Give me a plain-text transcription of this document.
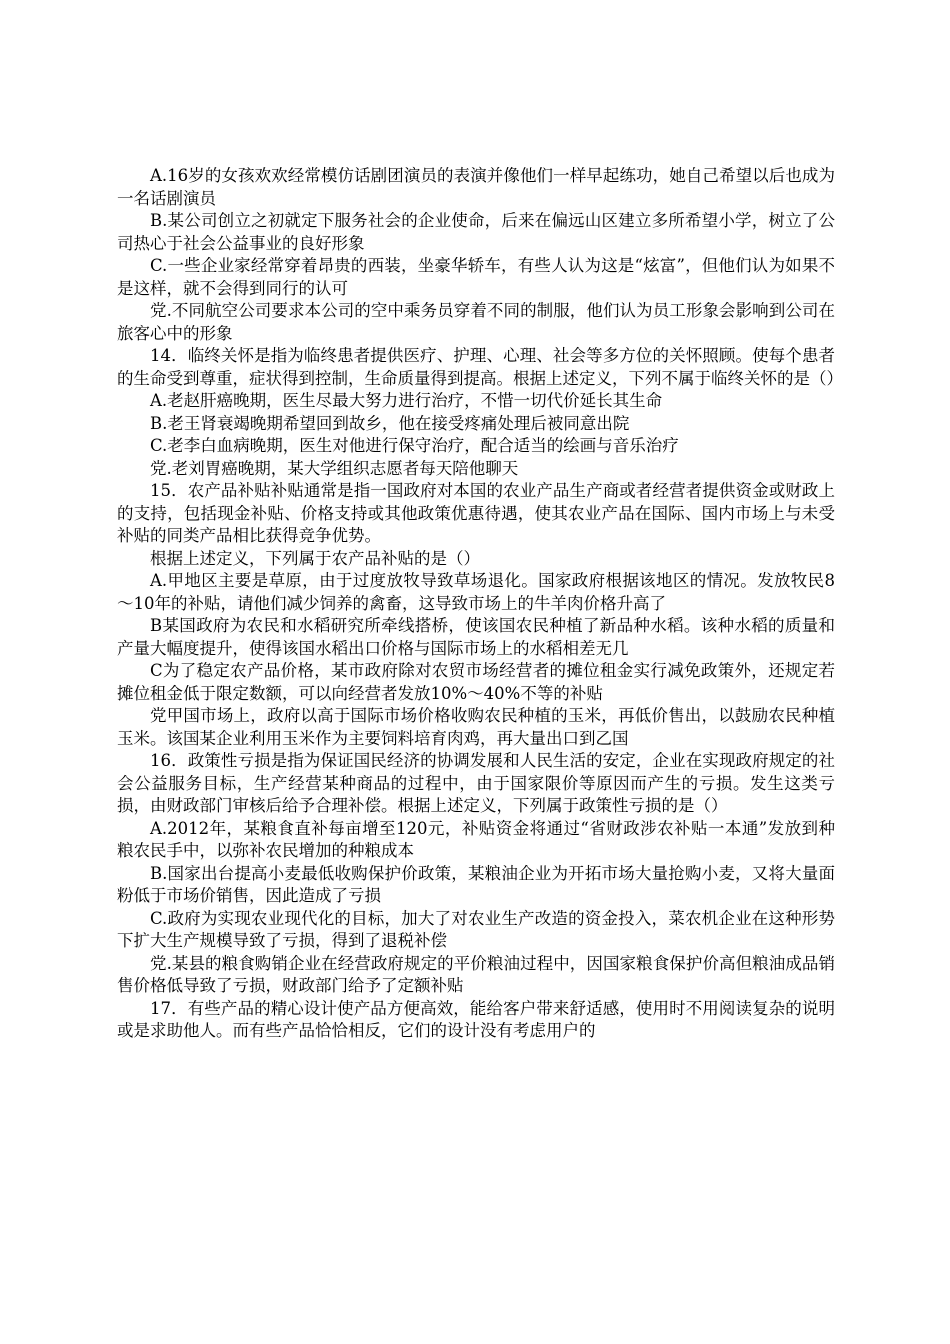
A.16岁的女孩欢欢经常模仿话剧团演员的表演并像他们一样早起练功，她自己希望以后也成为一名话剧演员

B.某公司创立之初就定下服务社会的企业使命，后来在偏远山区建立多所希望小学，树立了公司热心于社会公益事业的良好形象

C.一些企业家经常穿着昂贵的西装，坐豪华轿车，有些人认为这是“炫富”，但他们认为如果不是这样，就不会得到同行的认可

党.不同航空公司要求本公司的空中乘务员穿着不同的制服，他们认为员工形象会影响到公司在旅客心中的形象

14．临终关怀是指为临终患者提供医疗、护理、心理、社会等多方位的关怀照顾。使每个患者的生命受到尊重，症状得到控制，生命质量得到提高。根据上述定义，下列不属于临终关怀的是（）

A.老赵肝癌晚期，医生尽最大努力进行治疗，不惜一切代价延长其生命

B.老王肾衰竭晚期希望回到故乡，他在接受疼痛处理后被同意出院

C.老李白血病晚期，医生对他进行保守治疗，配合适当的绘画与音乐治疗

党.老刘胃癌晚期，某大学组织志愿者每天陪他聊天

15．农产品补贴补贴通常是指一国政府对本国的农业产品生产商或者经营者提供资金或财政上的支持，包括现金补贴、价格支持或其他政策优惠待遇，使其农业产品在国际、国内市场上与未受补贴的同类产品相比获得竞争优势。

根据上述定义，下列属于农产品补贴的是（）

A.甲地区主要是草原，由于过度放牧导致草场退化。国家政府根据该地区的情况。发放牧民8～10年的补贴，请他们减少饲养的禽畜，这导致市场上的牛羊肉价格升高了

B某国政府为农民和水稻研究所牵线搭桥，使该国农民种植了新品种水稻。该种水稻的质量和产量大幅度提升，使得该国水稻出口价格与国际市场上的水稻相差无几

C为了稳定农产品价格，某市政府除对农贸市场经营者的摊位租金实行减免政策外，还规定若摊位租金低于限定数额，可以向经营者发放10%～40%不等的补贴

党甲国市场上，政府以高于国际市场价格收购农民种植的玉米，再低价售出，以鼓励农民种植玉米。该国某企业利用玉米作为主要饲料培育肉鸡，再大量出口到乙国

16．政策性亏损是指为保证国民经济的协调发展和人民生活的安定，企业在实现政府规定的社会公益服务目标，生产经营某种商品的过程中，由于国家限价等原因而产生的亏损。发生这类亏损，由财政部门审核后给予合理补偿。根据上述定义，下列属于政策性亏损的是（）

A.2012年，某粮食直补每亩增至120元，补贴资金将通过“省财政涉农补贴一本通”发放到种粮农民手中，以弥补农民增加的种粮成本

B.国家出台提高小麦最低收购保护价政策，某粮油企业为开拓市场大量抢购小麦，又将大量面粉低于市场价销售，因此造成了亏损

C.政府为实现农业现代化的目标，加大了对农业生产改造的资金投入，菜农机企业在这种形势下扩大生产规模导致了亏损，得到了退税补偿

党.某县的粮食购销企业在经营政府规定的平价粮油过程中，因国家粮食保护价高但粮油成品销售价格低导致了亏损，财政部门给予了定额补贴

17．有些产品的精心设计使产品方便高效，能给客户带来舒适感，使用时不用阅读复杂的说明或是求助他人。而有些产品恰恰相反，它们的设计没有考虑用户的
